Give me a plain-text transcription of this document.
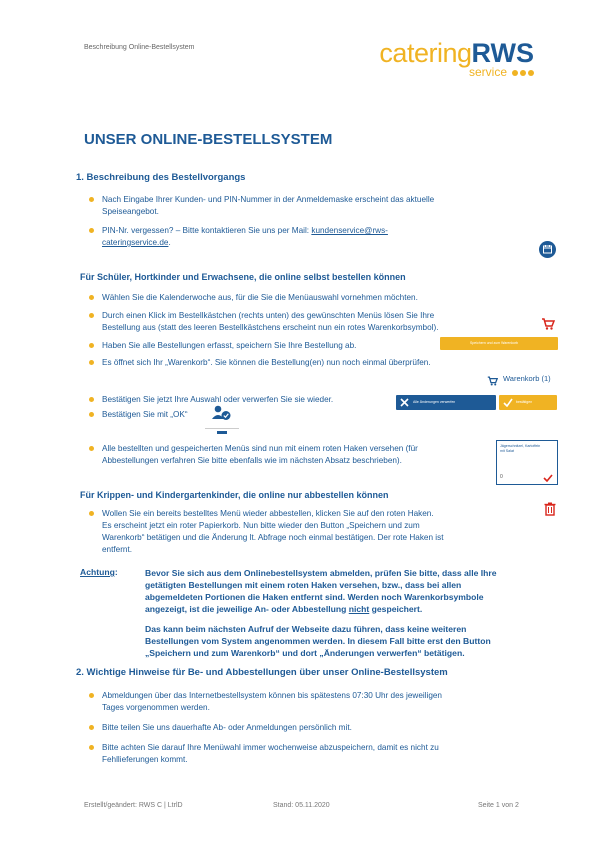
Beschreibung Online-Bestellsystem	cateringRWS
service
UNSER ONLINE-BESTELLSYSTEM
1. Beschreibung des Bestellvorgangs
Nach Eingabe Ihrer Kunden- und PIN-Nummer in der Anmeldemaske erscheint das aktuelle
Speiseangebot.
PIN-Nr. vergessen? – Bitte kontaktieren Sie uns per Mail: kundenservice@rws-
cateringservice.de.
Für Schüler, Hortkinder und Erwachsene, die online selbst bestellen können
Wählen Sie die Kalenderwoche aus, für die Sie die Menüauswahl vornehmen möchten.
Durch einen Klick im Bestellkästchen (rechts unten) des gewünschten Menüs lösen Sie Ihre
Bestellung aus (statt des leeren Bestellkästchens erscheint nun ein rotes Warenkorbsymbol).
Haben Sie alle Bestellungen erfasst, speichern Sie Ihre Bestellung ab.	Speichern und zum Warenkorb
Es öffnet sich Ihr „Warenkorb“. Sie können die Bestellung(en) nun noch einmal überprüfen.
Warenkorb (1)
Bestätigen Sie jetzt Ihre Auswahl oder verwerfen Sie sie wieder.	Alle Änderungen verwerfen	bestätigen
Bestätigen Sie mit „OK“
Alle bestellten und gespeicherten Menüs sind nun mit einem roten Haken versehen (für
Abbestellungen verfahren Sie bitte ebenfalls wie im nächsten Absatz beschrieben).
Jägerschnitzel, Kartoffeln mit Salat
0
Für Krippen- und Kindergartenkinder, die online nur abbestellen können
Wollen Sie ein bereits bestelltes Menü wieder abbestellen, klicken Sie auf den roten Haken.
Es erscheint jetzt ein roter Papierkorb. Nun bitte wieder den Button „Speichern und zum
Warenkorb“ betätigen und die Änderung lt. Abfrage noch einmal bestätigen. Der rote Haken ist
entfernt.
Achtung:	Bevor Sie sich aus dem Onlinebestellsystem abmelden, prüfen Sie bitte, dass alle Ihre
getätigten Bestellungen mit einem roten Haken versehen, bzw., dass bei allen
abgemeldeten Portionen die Haken entfernt sind. Werden noch Warenkorbsymbole
angezeigt, ist die jeweilige An- oder Abbestellung nicht gespeichert.
Das kann beim nächsten Aufruf der Webseite dazu führen, dass keine weiteren
Bestellungen vom System angenommen werden. In diesem Fall bitte erst den Button
„Speichern und zum Warenkorb“ und dort „Änderungen verwerfen“ betätigen.
2. Wichtige Hinweise für Be- und Abbestellungen über unser Online-Bestellsystem
Abmeldungen über das Internetbestellsystem können bis spätestens 07:30 Uhr des jeweiligen
Tages vorgenommen werden.
Bitte teilen Sie uns dauerhafte Ab- oder Anmeldungen persönlich mit.
Bitte achten Sie darauf Ihre Menüwahl immer wochenweise abzuspeichern, damit es nicht zu
Fehllieferungen kommt.
Erstellt/geändert: RWS C | LtrlD	Stand: 05.11.2020	Seite 1 von 2
